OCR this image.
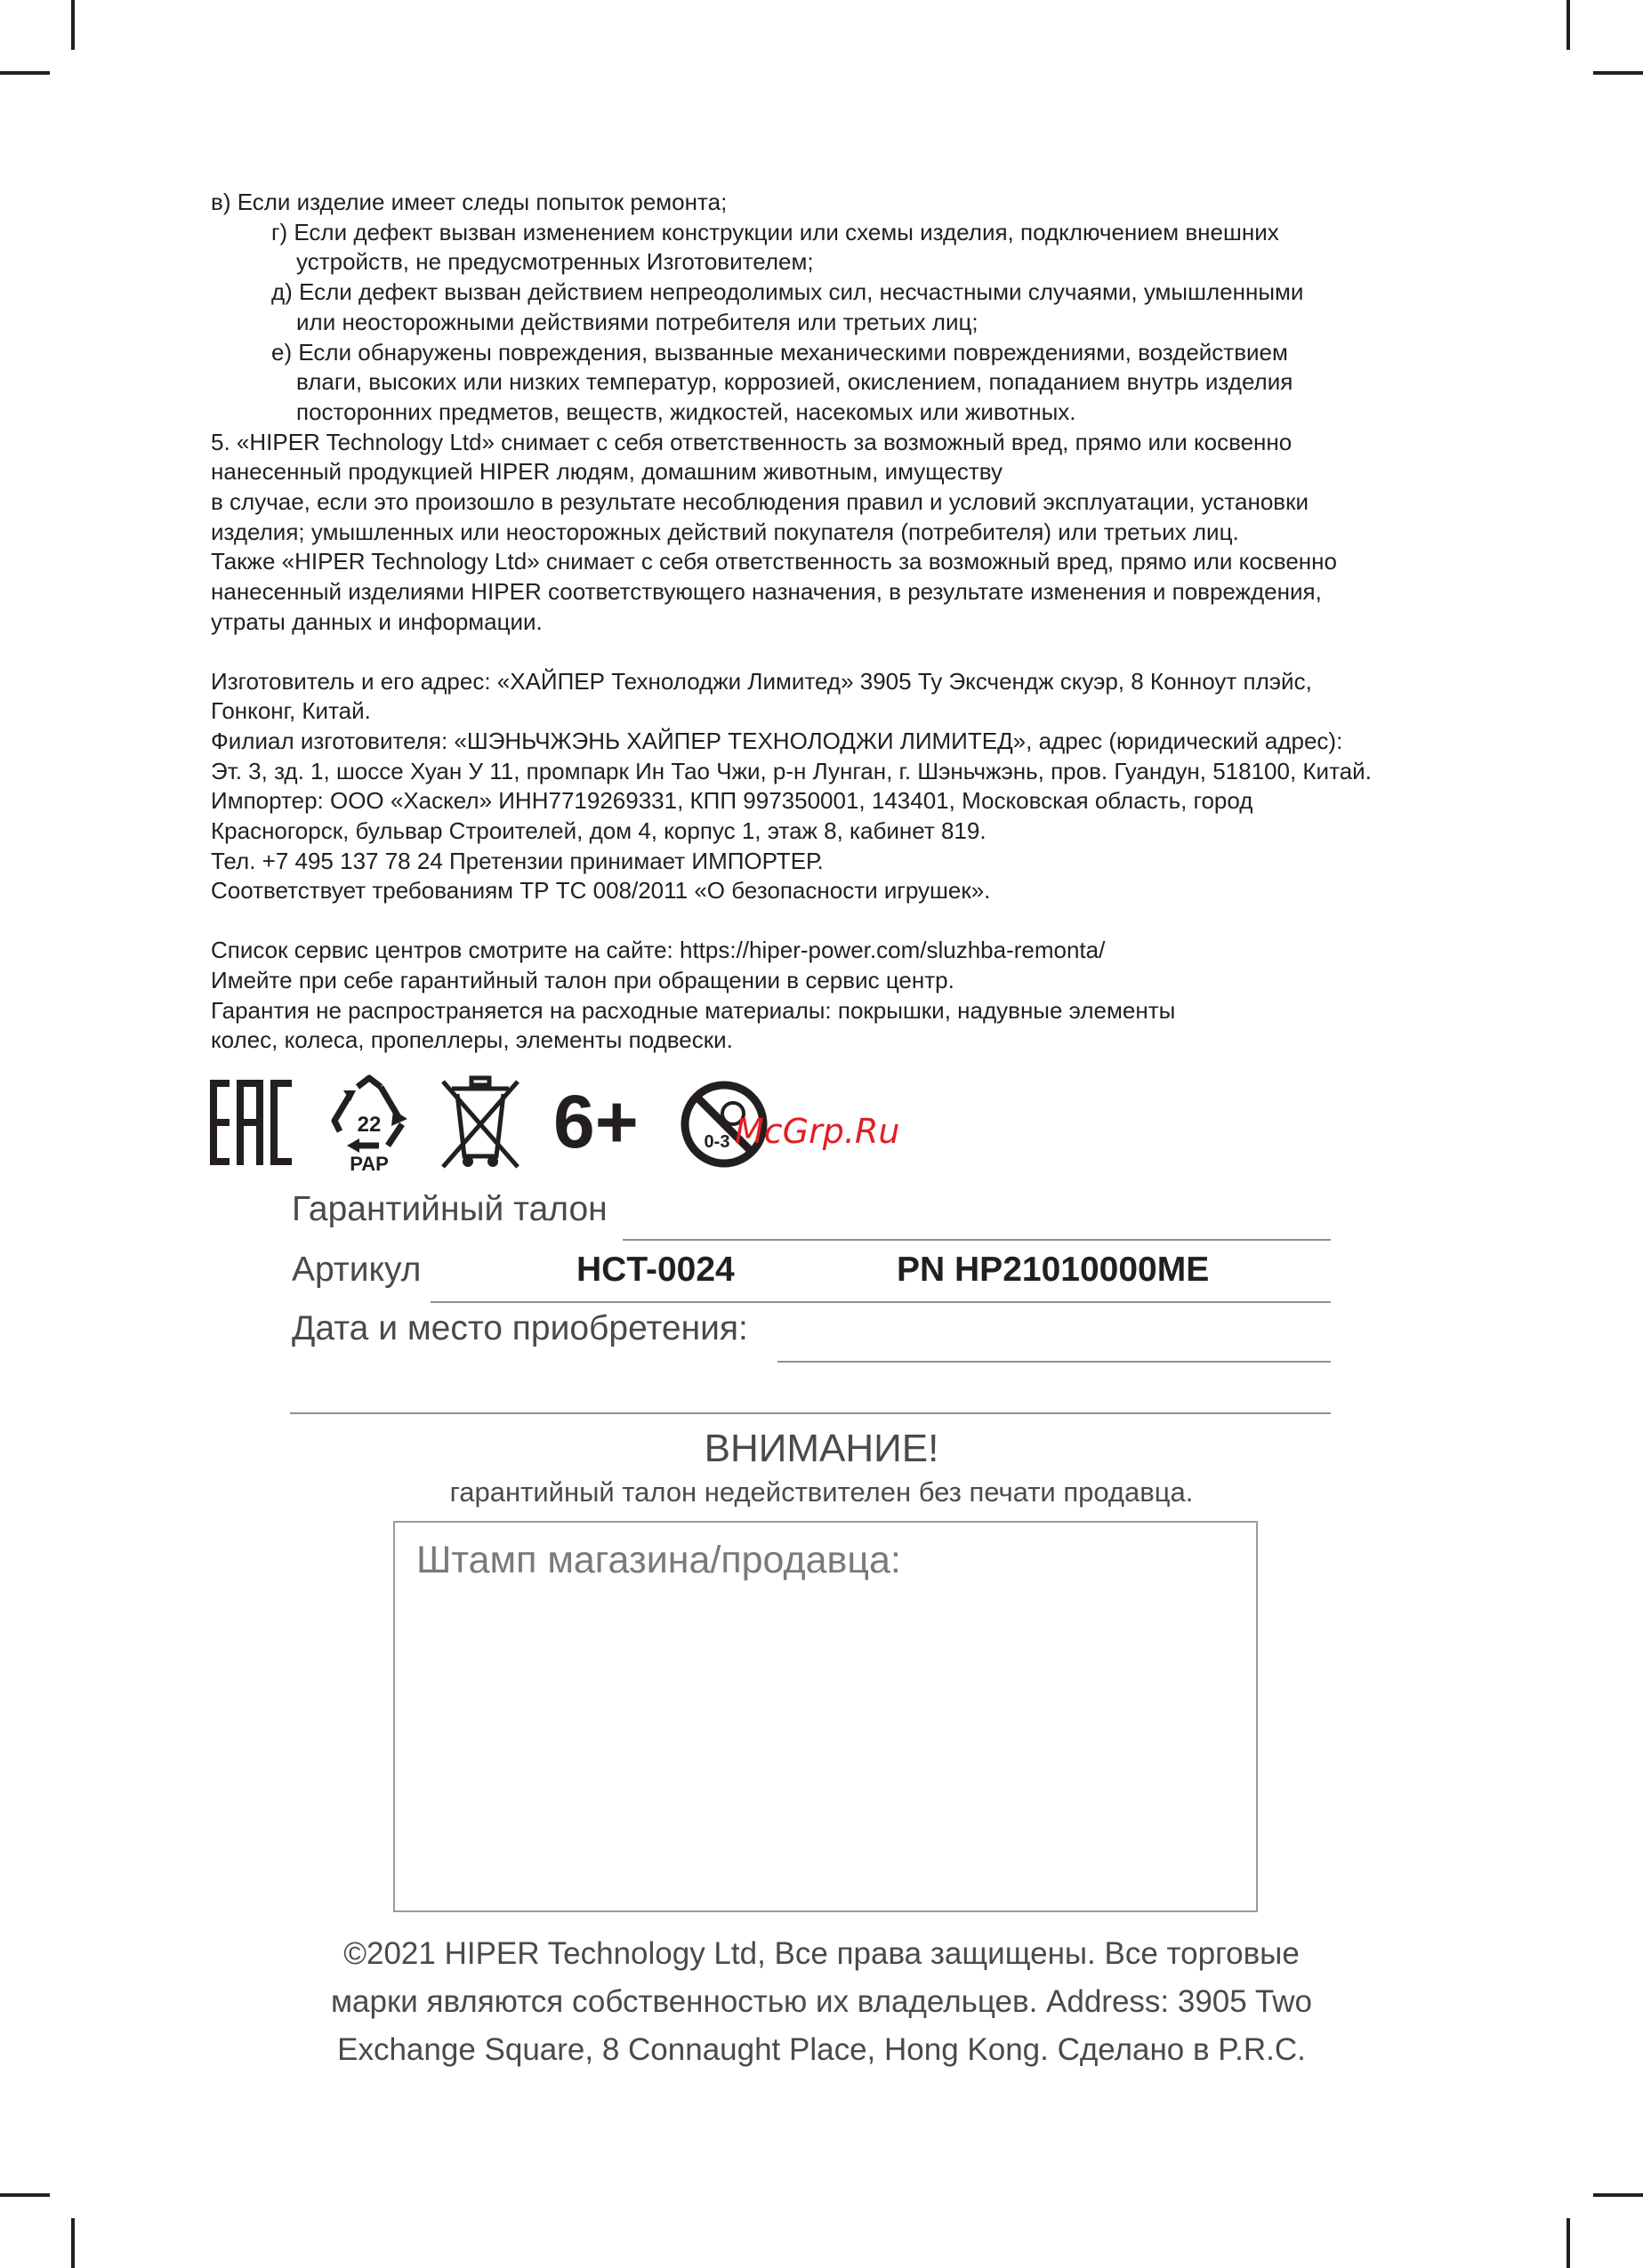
в) Если изделие имеет следы попыток ремонта;

г) Если дефект вызван изменением конструкции или схемы изделия, подключением внешних

устройств, не предусмотренных Изготовителем;

д) Если дефект вызван действием непреодолимых сил, несчастными случаями, умышленными

или неосторожными действиями потребителя или третьих лиц;

е) Если обнаружены повреждения, вызванные механическими повреждениями, воздействием

влаги, высоких или низких температур, коррозией, окислением, попаданием внутрь изделия

посторонних предметов, веществ, жидкостей, насекомых или животных.

5. «HIPER Technology Ltd» снимает с себя ответственность за возможный вред, прямо или косвенно

нанесенный продукцией HIPER людям, домашним животным, имуществу

в случае, если это произошло в результате несоблюдения правил и условий эксплуатации, установки

изделия; умышленных или неосторожных действий покупателя (потребителя) или третьих лиц.

Также «HIPER Technology Ltd» снимает с себя ответственность за возможный вред, прямо или косвенно

нанесенный изделиями HIPER соответствующего назначения, в результате изменения и повреждения,

утраты данных и информации.

Изготовитель и его адрес: «ХАЙПЕР Технолоджи Лимитед» 3905 Ту Эксчендж скуэр, 8 Конноут плэйс,

Гонконг, Китай.

Филиал изготовителя: «ШЭНЬЧЖЭНЬ ХАЙПЕР ТЕХНОЛОДЖИ ЛИМИТЕД», адрес (юридический адрес):

Эт. 3, зд. 1, шоссе Хуан У 11, промпарк Ин Тао Чжи, р-н Лунган, г. Шэньчжэнь, пров. Гуандун, 518100, Китай.

Импортер: ООО «Хаскел» ИНН7719269331, КПП 997350001, 143401, Московская область, город

Красногорск, бульвар Строителей, дом 4, корпус 1, этаж 8, кабинет 819.

Тел. +7 495 137 78 24 Претензии принимает ИМПОРТЕР.

Соответствует требованиям ТР ТС 008/2011 «О безопасности игрушек».

Список сервис центров смотрите на сайте: https://hiper-power.com/sluzhba-remonta/

Имейте при себе гарантийный талон при обращении в сервис центр.

Гарантия не распространяется на расходные материалы: покрышки, надувные элементы

колес, колеса, пропеллеры, элементы подвески.

22
PAP
6+	0-3 McGrp.Ru
Гарантийный талон
Артикул	HCT-0024	PN HP21010000ME
Дата и место приобретения:
ВНИМАНИЕ!
гарантийный талон недействителен без печати продавца.
Штамп магазина/продавца:

©2021 HIPER Technology Ltd, Все права защищены. Все торговые

марки являются собственностью их владельцев. Address: 3905 Two

Exchange Square, 8 Connaught Place, Hong Kong. Сделано в P.R.C.
